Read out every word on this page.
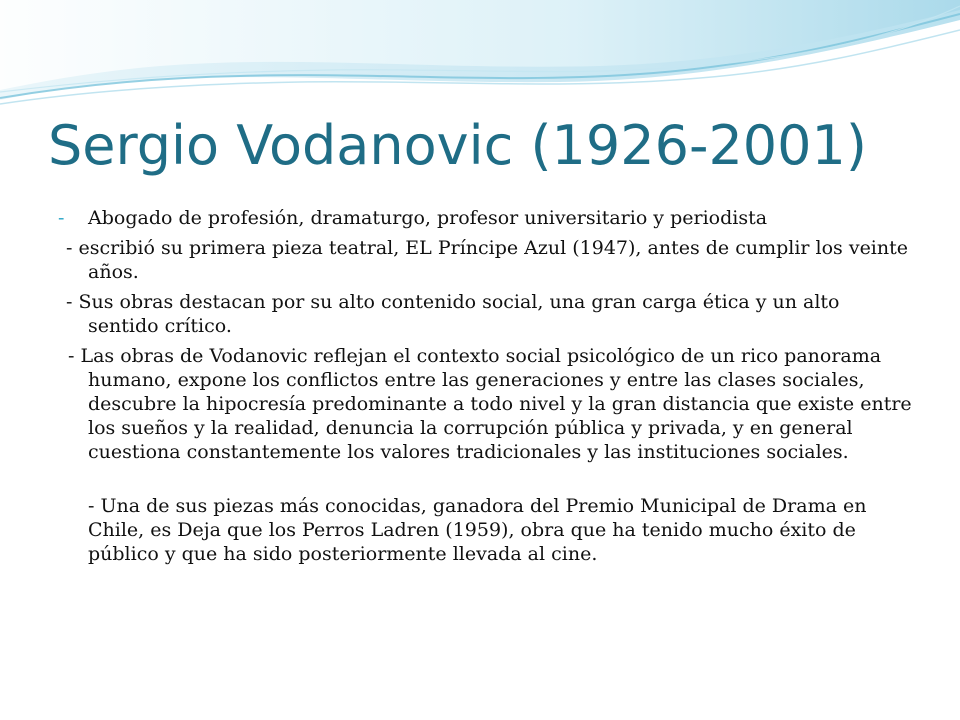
Sergio Vodanovic (1926-2001)

- Abogado de profesión, dramaturgo, profesor universitario y periodista

- escribió su primera pieza teatral, EL Príncipe Azul (1947), antes de cumplir los veinte años.

- Sus obras destacan por su alto contenido social, una gran carga ética y un alto sentido crítico.

- Las obras de Vodanovic reflejan el contexto social psicológico de un rico panorama humano, expone los conflictos entre las generaciones y entre las clases sociales, descubre la hipocresía predominante a todo nivel y la gran distancia que existe entre los sueños y la realidad, denuncia la corrupción pública y privada, y en general cuestiona constantemente los valores tradicionales y las instituciones sociales.

- Una de sus piezas más conocidas, ganadora del Premio Municipal de Drama en Chile, es Deja que los Perros Ladren (1959), obra que ha tenido mucho éxito de público y que ha sido posteriormente llevada al cine.
